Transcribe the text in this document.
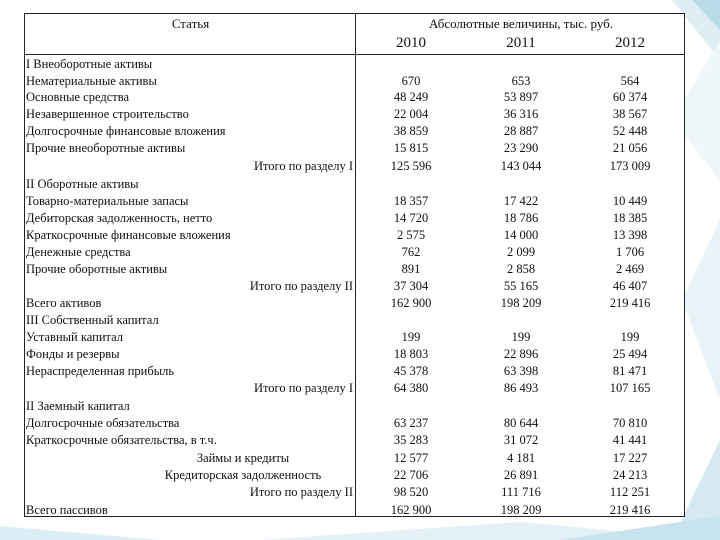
Статья	Абсолютные величины, тыс. руб.
2010	2011	2012
I Внеоборотные активы
Нематериальные активы	670	653	564
Основные средства	48 249	53 897	60 374
Незавершенное строительство	22 004	36 316	38 567
Долгосрочные финансовые вложения	38 859	28 887	52 448
Прочие внеоборотные активы	15 815	23 290	21 056
Итого по разделу I	125 596	143 044	173 009
II Оборотные активы
Товарно-материальные запасы	18 357	17 422	10 449
Дебиторская задолженность, нетто	14 720	18 786	18 385
Краткосрочные финансовые вложения	2 575	14 000	13 398
Денежные средства	762	2 099	1 706
Прочие оборотные активы	891	2 858	2 469
Итого по разделу II	37 304	55 165	46 407
Всего активов	162 900	198 209	219 416
III Собственный капитал
Уставный капитал	199	199	199
Фонды и резервы	18 803	22 896	25 494
Нераспределенная прибыль	45 378	63 398	81 471
Итого по разделу I	64 380	86 493	107 165
II Заемный капитал
Долгосрочные обязательства	63 237	80 644	70 810
Краткосрочные обязательства, в т.ч.	35 283	31 072	41 441
Займы и кредиты	12 577	4 181	17 227
Кредиторская задолженность	22 706	26 891	24 213
Итого по разделу II	98 520	111 716	112 251
Всего пассивов	162 900	198 209	219 416
